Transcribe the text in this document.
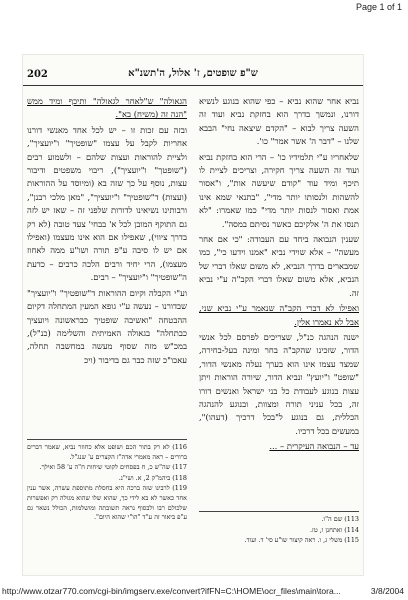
Page 1 of 1
202	ש"פ שופטים, ז' אלול, ה'תשנ"א

נביא אחר שהוא נביא – כפי שהוא בנוגע לנשיא דורנו, ונמשך בדרך הוא בחזקת נביא ועוד זה השעה צריך לבוא – "הקדם שיצאה נחי" הבבא שלנו – "דבר ה' אשר אמר" כו'.

שלאחריו ע"י תלמידיו כו' – הרי הוא בחזקת נביא ועוד זה השעה צריך חקירה, וצריכים לציית לו תיכף ומיד עוד "קודם שיעשה אות", ו"אסור להשהות ולנסותו יותר מדי", "בתנאי שמא אינו אמת ואסור לנסות יותר מדי" כמו שאמרו: "לא תנסו את ה' אלקיכם כאשר נסיתם במסה".

שענין הנבואה ביחד עם העבודה: "כי אם אחר מעשה" – אלא שוידי נביא "אמנו וידעו כי", כמו שמבארים בדרך הנביא, לא משום שאלו דברי של הנביא, אלא משום שאלו דברי הקב"ה ע"י נביא זה.

ואפילו לא דברי הקב"ה שנאמר ע"י נביא שני, אבל לא נאמרו אלין.

ישנה הנהגה כנ"ל, שצריכים לפרסם לכל אנשי הדור, שזכינו שהקב"ה בחר ומינה בעל-בחירה, שמצד עצמו אינו הוא בערך נעלה מאנשי הדור, "שופט" ו"יועץ" ונביא הדור, שיורה הוראות ויתן עצות בנוגע לעבודת כל בני ישראל ואנשים דורו זה, בכל עניני תורה ומצוות, ובנוגע להנהגה הכללית, גם בנוגע ל"בכל דרכיך (דעהו)", במעשים בכל דרכיו.

עד – הנבואה העיקרית – ...

הגאולה" ש"לאחר לגאולה" ותיכף ומיד ממש "הנה זה (משיח) בא".

ובזה עם זכות זו – יש לכל אחד מאנשי דורנו אחריות לקבל על עצמו "שופטיך" ו"יועציך", ולציית להוראות ועצות שלהם – ולשמוע רבים ("שופטך" ו"יועציך"), ריבוי משפטים ודיבור עצות, נוסף על כך שזה בא (ומיוסד על ההוראות (ועצות) ד"שופטיך" ו"יועציך", "מאן מלכי רבנן", ורבותינו נשיאינו לדורות שלפני זה – שאז יש לזה גם התוקף המובן לכל א' בבחי' צעד טובה (לא רק בדרך ציווי), שאפילו אם הוא אינו מעצמו (ואפילו אם יש לו סיבה ע"פ תורה ושו"ע ממה לאחוז מעצמו), הרי יחיד ורבים הלכה כרבים – כדעת ה"שופטיך" ו"יועציך" – רבים.

וע"י הקבלה וקיום ההוראות ד"שופטיך" ו"יועציך" שבדורנו – נעשה ע"י גופא המעין המתחלה דקיום ההבטחה "ואשיבה שופטיך כבראשונה ויועציך כבתחלה" בגאולה האמיתית והשלימה (כנ"ל), במכ"ש מזה שסוף מעשה במחשבה תחלה, עאכו"כ שזה כבר גם בדיבור (ויכ

116) לא רק בתור הכם ושופט אלא כחוזר נביא, שאמר דברים ברורים – ראה מאמרי אדה"ז הקצרים ע' שנג"ל.
117) שה"ש כ, ח בפסחים לקוטי שיחות ח"ה ע' 58 ואילך.
118) ביהמ"ק 2, א. ושי"נ.
119) לרבינו שזה ברכה היא בחסלת מתוספת עשרה, אשר ענין אחד כאשר לא בא לידי כך, שהוא שלו שהוא מגולה רק ואפשרות שלכולם רבו ולבסוף נראה תשובתה ומושלמות, הכולל נשאר גם ע"פ ביאור זה ע"ד "הו"י שהוא היום".	113) שם ה"ו.
114) ואתחנן ו, טז.
115) משלי ג, ו. ראה קיצור שו"ע סי' ד. ועוד.
http://www.otzar770.com/cgi-bin/imgserv.exe/convert?ifFN=C:\HOME\ocr_files\main\tora...	3/8/2004
